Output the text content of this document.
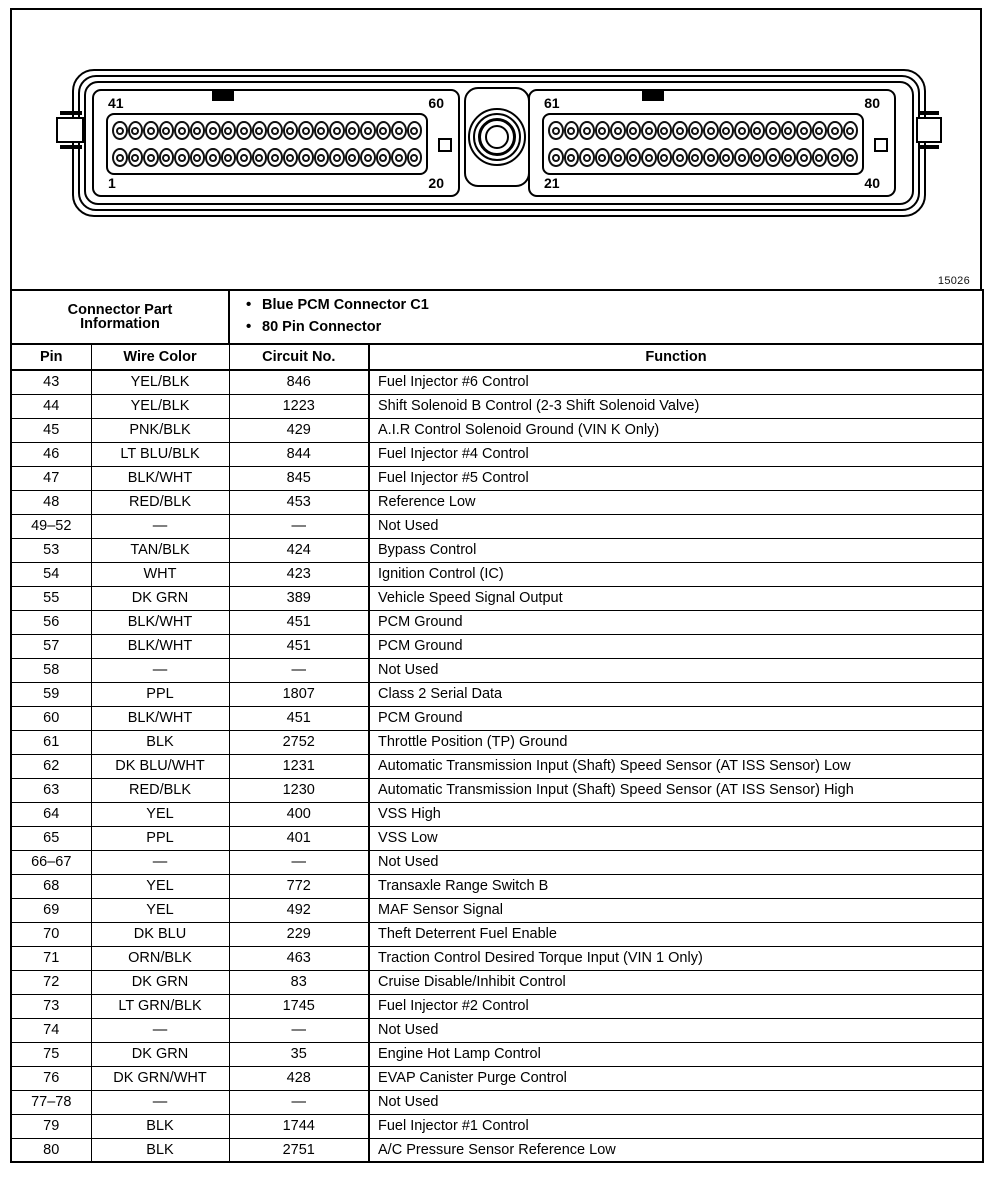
41	60
1	20
61	80
21	40
15026
Connector Part
Information	
• Blue PCM Connector C1
• 80 Pin Connector

Pin	Wire Color	Circuit No.	Function
43	YEL/BLK	846	Fuel Injector #6 Control
44	YEL/BLK	1223	Shift Solenoid B Control (2-3 Shift Solenoid Valve)
45	PNK/BLK	429	A.I.R Control Solenoid Ground (VIN K Only)
46	LT BLU/BLK	844	Fuel Injector #4 Control
47	BLK/WHT	845	Fuel Injector #5 Control
48	RED/BLK	453	Reference Low
49–52	—	—	Not Used
53	TAN/BLK	424	Bypass Control
54	WHT	423	Ignition Control (IC)
55	DK GRN	389	Vehicle Speed Signal Output
56	BLK/WHT	451	PCM Ground
57	BLK/WHT	451	PCM Ground
58	—	—	Not Used
59	PPL	1807	Class 2 Serial Data
60	BLK/WHT	451	PCM Ground
61	BLK	2752	Throttle Position (TP) Ground
62	DK BLU/WHT	1231	Automatic Transmission Input (Shaft) Speed Sensor (AT ISS Sensor) Low
63	RED/BLK	1230	Automatic Transmission Input (Shaft) Speed Sensor (AT ISS Sensor) High
64	YEL	400	VSS High
65	PPL	401	VSS Low
66–67	—	—	Not Used
68	YEL	772	Transaxle Range Switch B
69	YEL	492	MAF Sensor Signal
70	DK BLU	229	Theft Deterrent Fuel Enable
71	ORN/BLK	463	Traction Control Desired Torque Input (VIN 1 Only)
72	DK GRN	83	Cruise Disable/Inhibit Control
73	LT GRN/BLK	1745	Fuel Injector #2 Control
74	—	—	Not Used
75	DK GRN	35	Engine Hot Lamp Control
76	DK GRN/WHT	428	EVAP Canister Purge Control
77–78	—	—	Not Used
79	BLK	1744	Fuel Injector #1 Control
80	BLK	2751	A/C Pressure Sensor Reference Low
